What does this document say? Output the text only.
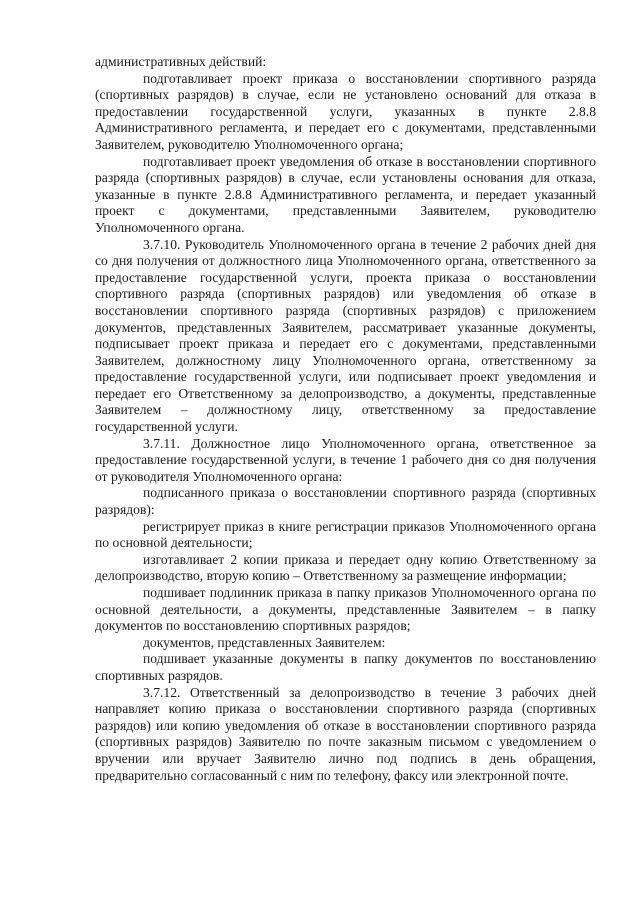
административных действий:

подготавливает проект приказа о восстановлении спортивного разряда (спортивных разрядов) в случае, если не установлено оснований для отказа в предоставлении государственной услуги, указанных в пункте 2.8.8 Административного регламента, и передает его с документами, представленными Заявителем, руководителю Уполномоченного органа;

подготавливает проект уведомления об отказе в восстановлении спортивного разряда (спортивных разрядов) в случае, если установлены основания для отказа, указанные в пункте 2.8.8 Административного регламента, и передает указанный проект с документами, представленными Заявителем, руководителю Уполномоченного органа.

3.7.10. Руководитель Уполномоченного органа в течение 2 рабочих дней дня со дня получения от должностного лица Уполномоченного органа, ответственного за предоставление государственной услуги, проекта приказа о восстановлении спортивного разряда (спортивных разрядов) или уведомления об отказе в восстановлении спортивного разряда (спортивных разрядов) с приложением документов, представленных Заявителем, рассматривает указанные документы, подписывает проект приказа и передает его с документами, представленными Заявителем, должностному лицу Уполномоченного органа, ответственному за предоставление государственной услуги, или подписывает проект уведомления и передает его Ответственному за делопроизводство, а документы, представленные Заявителем – должностному лицу, ответственному за предоставление государственной услуги.

3.7.11. Должностное лицо Уполномоченного органа, ответственное за предоставление государственной услуги, в течение 1 рабочего дня со дня получения от руководителя Уполномоченного органа:

подписанного приказа о восстановлении спортивного разряда (спортивных разрядов):

регистрирует приказ в книге регистрации приказов Уполномоченного органа по основной деятельности;

изготавливает 2 копии приказа и передает одну копию Ответственному за делопроизводство, вторую копию – Ответственному за размещение информации;

подшивает подлинник приказа в папку приказов Уполномоченного органа по основной деятельности, а документы, представленные Заявителем – в папку документов по восстановлению спортивных разрядов;

документов, представленных Заявителем:

подшивает указанные документы в папку документов по восстановлению спортивных разрядов.

3.7.12. Ответственный за делопроизводство в течение 3 рабочих дней направляет копию приказа о восстановлении спортивного разряда (спортивных разрядов) или копию уведомления об отказе в восстановлении спортивного разряда (спортивных разрядов) Заявителю по почте заказным письмом с уведомлением о вручении или вручает Заявителю лично под подпись в день обращения, предварительно согласованный с ним по телефону, факсу или электронной почте.
